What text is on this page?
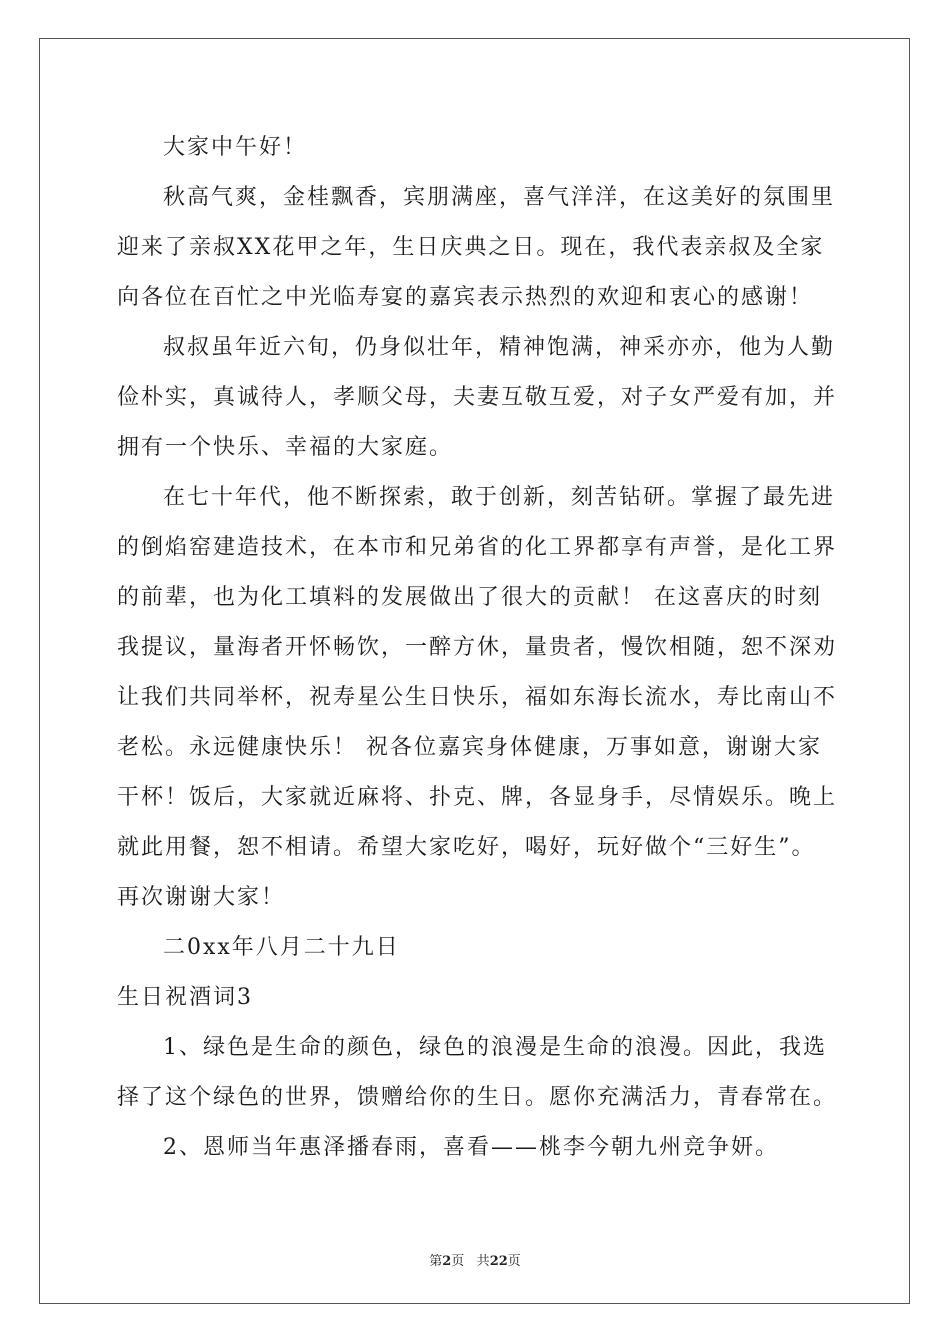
大家中午好！
秋高气爽，金桂飘香，宾朋满座，喜气洋洋，在这美好的氛围里
迎来了亲叔XX花甲之年，生日庆典之日。现在，我代表亲叔及全家
向各位在百忙之中光临寿宴的嘉宾表示热烈的欢迎和衷心的感谢！
叔叔虽年近六旬，仍身似壮年，精神饱满，神采亦亦，他为人勤
俭朴实，真诚待人，孝顺父母，夫妻互敬互爱，对子女严爱有加，并
拥有一个快乐、幸福的大家庭。
在七十年代，他不断探索，敢于创新，刻苦钻研。掌握了最先进
的倒焰窑建造技术，在本市和兄弟省的化工界都享有声誉，是化工界
的前辈，也为化工填料的发展做出了很大的贡献！ 在这喜庆的时刻
我提议，量海者开怀畅饮，一醉方休，量贵者，慢饮相随，恕不深劝
让我们共同举杯，祝寿星公生日快乐，福如东海长流水，寿比南山不
老松。永远健康快乐！ 祝各位嘉宾身体健康，万事如意，谢谢大家
干杯！饭后，大家就近麻将、扑克、牌，各显身手，尽情娱乐。晚上
就此用餐，恕不相请。希望大家吃好，喝好，玩好做个“三好生”。
再次谢谢大家！
二0xx年八月二十九日
生日祝酒词3
1、绿色是生命的颜色，绿色的浪漫是生命的浪漫。因此，我选
择了这个绿色的世界，馈赠给你的生日。愿你充满活力，青春常在。
2、恩师当年惠泽播春雨，喜看——桃李今朝九州竞争妍。
第2页 共22页
